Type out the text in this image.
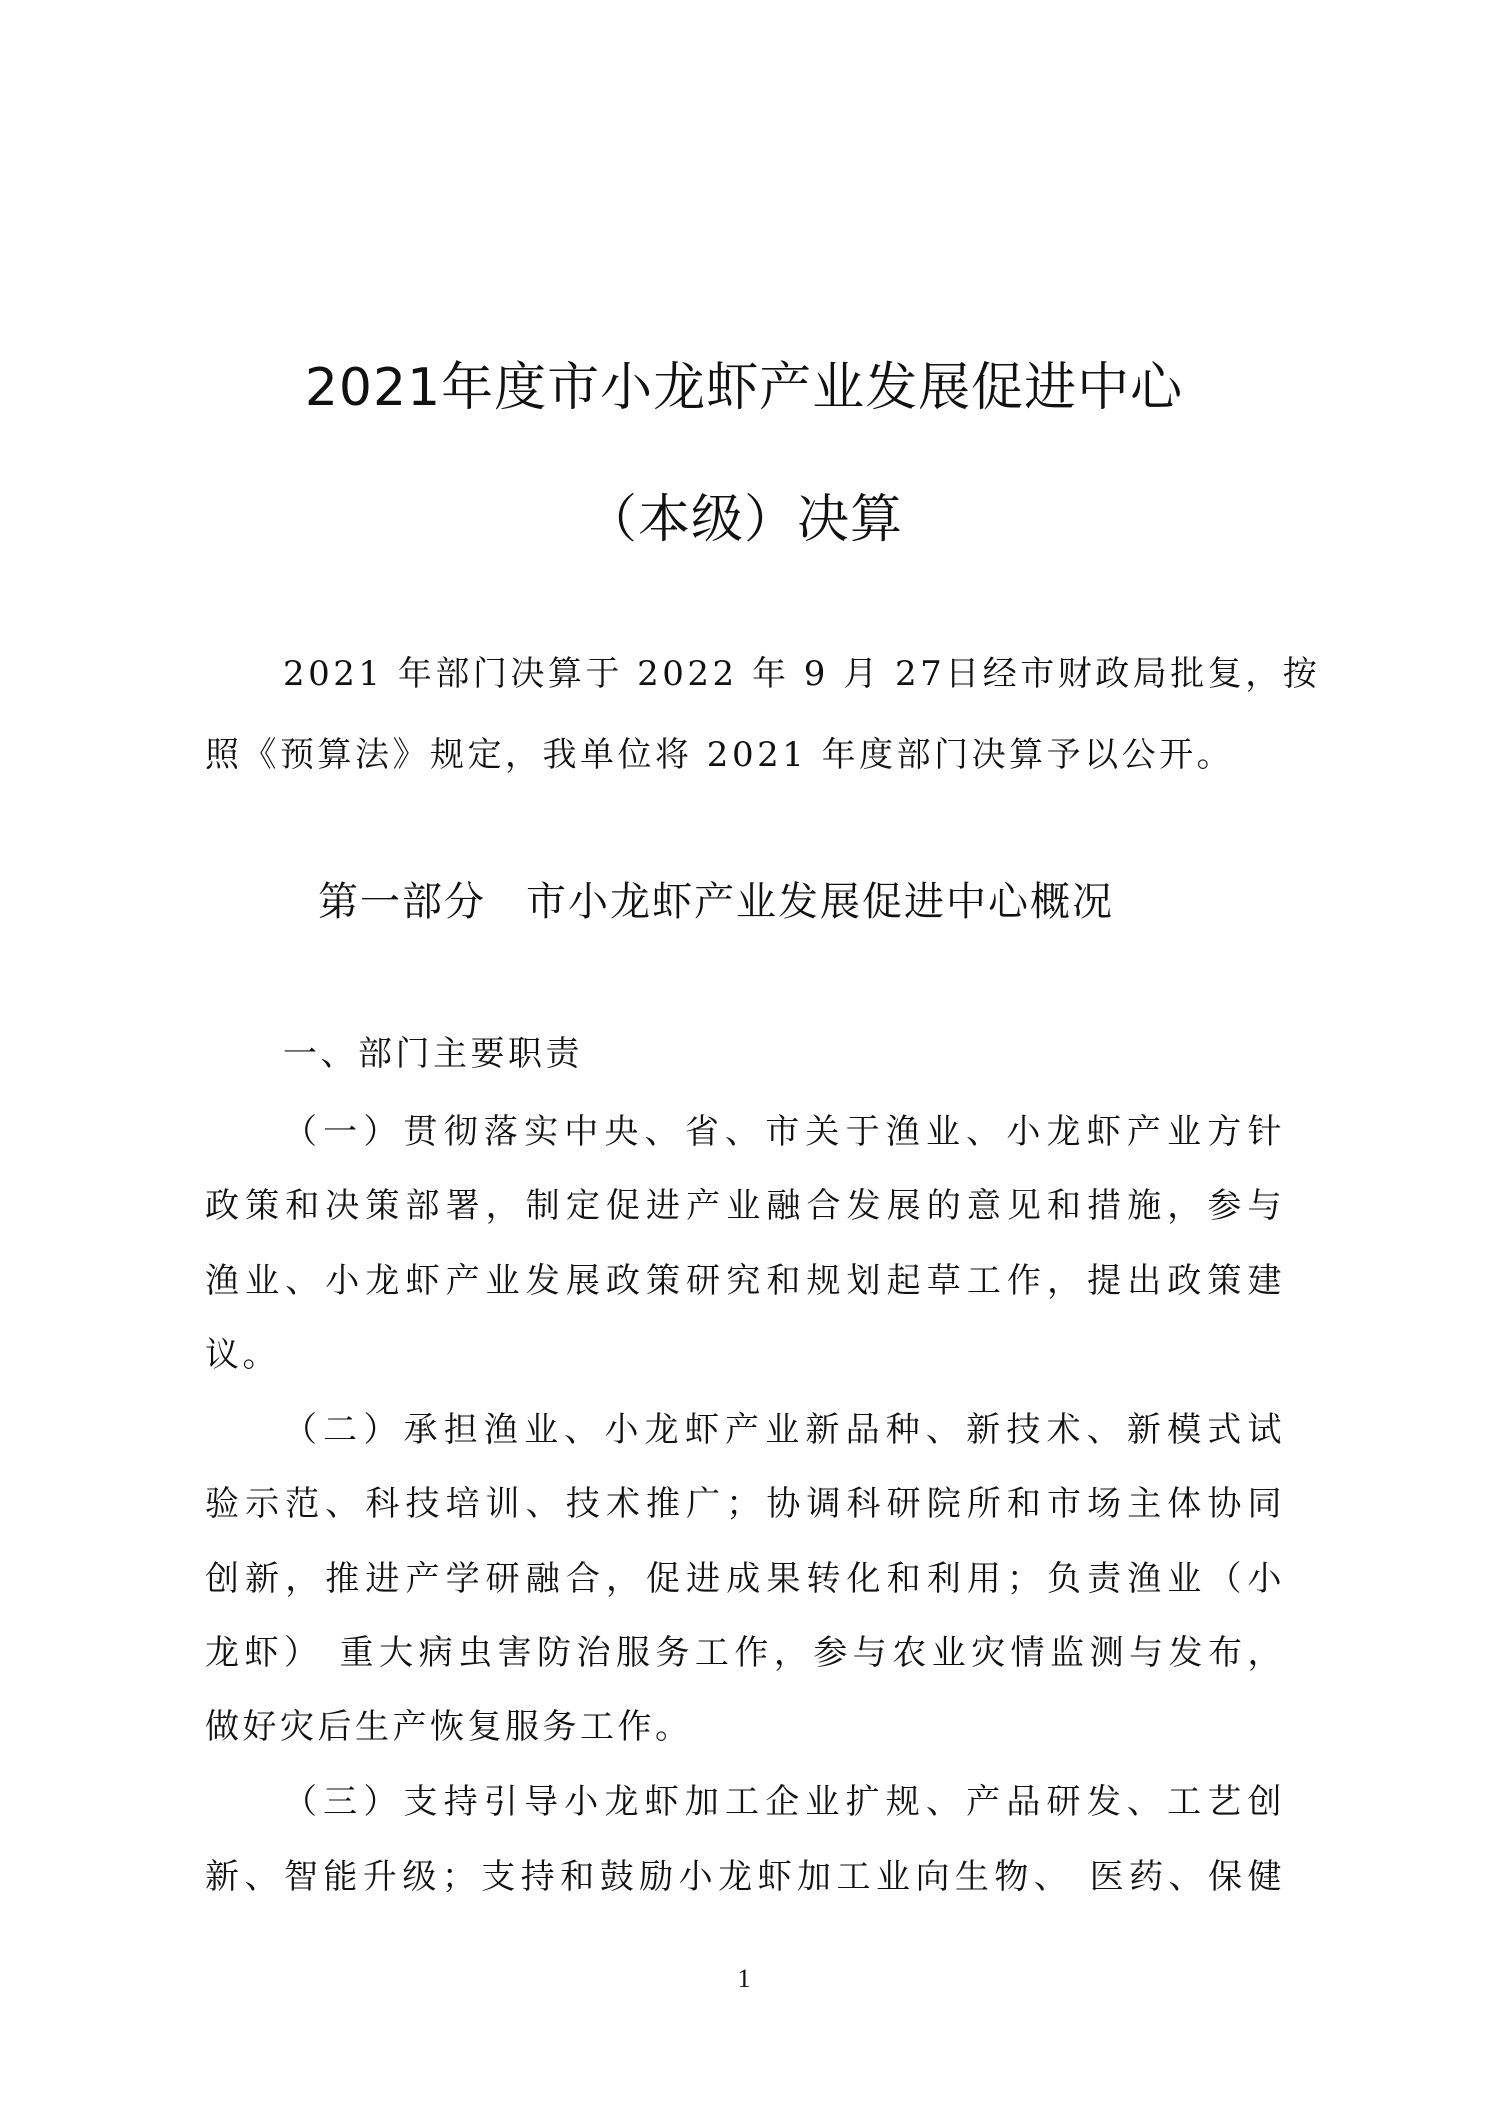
2021年度市小龙虾产业发展促进中心
（本级）决算
2021 年部门决算于 2022 年 9 月 27日经市财政局批复，按
照《预算法》规定，我单位将 2021 年度部门决算予以公开。
第一部分 市小龙虾产业发展促进中心概况
一、部门主要职责
（一）贯彻落实中央、省、市关于渔业、小龙虾产业方针
政策和决策部署，制定促进产业融合发展的意见和措施，参与
渔业、小龙虾产业发展政策研究和规划起草工作，提出政策建
议。
（二）承担渔业、小龙虾产业新品种、新技术、新模式试
验示范、科技培训、技术推广；协调科研院所和市场主体协同
创新，推进产学研融合，促进成果转化和利用；负责渔业（小
龙虾） 重大病虫害防治服务工作，参与农业灾情监测与发布，
做好灾后生产恢复服务工作。
（三）支持引导小龙虾加工企业扩规、产品研发、工艺创
新、智能升级；支持和鼓励小龙虾加工业向生物、 医药、保健
1
